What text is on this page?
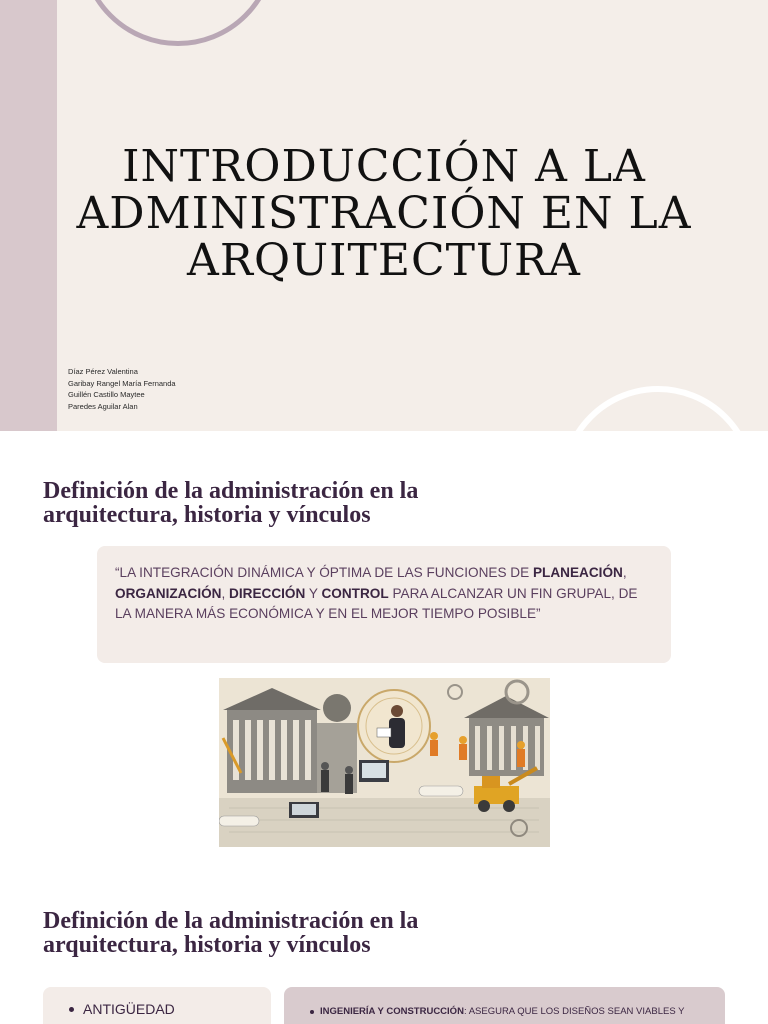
INTRODUCCIÓN A LA
ADMINISTRACIÓN EN LA
ARQUITECTURA
Díaz Pérez Valentina
Garibay Rangel María Fernanda
Guillén Castillo Maytee
Paredes Aguilar Alan
Definición de la administración en la
arquitectura, historia y vínculos
“LA INTEGRACIÓN DINÁMICA Y ÓPTIMA DE LAS FUNCIONES DE PLANEACIÓN, ORGANIZACIÓN, DIRECCIÓN Y CONTROL PARA ALCANZAR UN FIN GRUPAL, DE LA MANERA MÁS ECONÓMICA Y EN EL MEJOR TIEMPO POSIBLE”
Definición de la administración en la
arquitectura, historia y vínculos
ANTIGÜEDAD	INGENIERÍA Y CONSTRUCCIÓN: ASEGURA QUE LOS DISEÑOS SEAN VIABLES Y
